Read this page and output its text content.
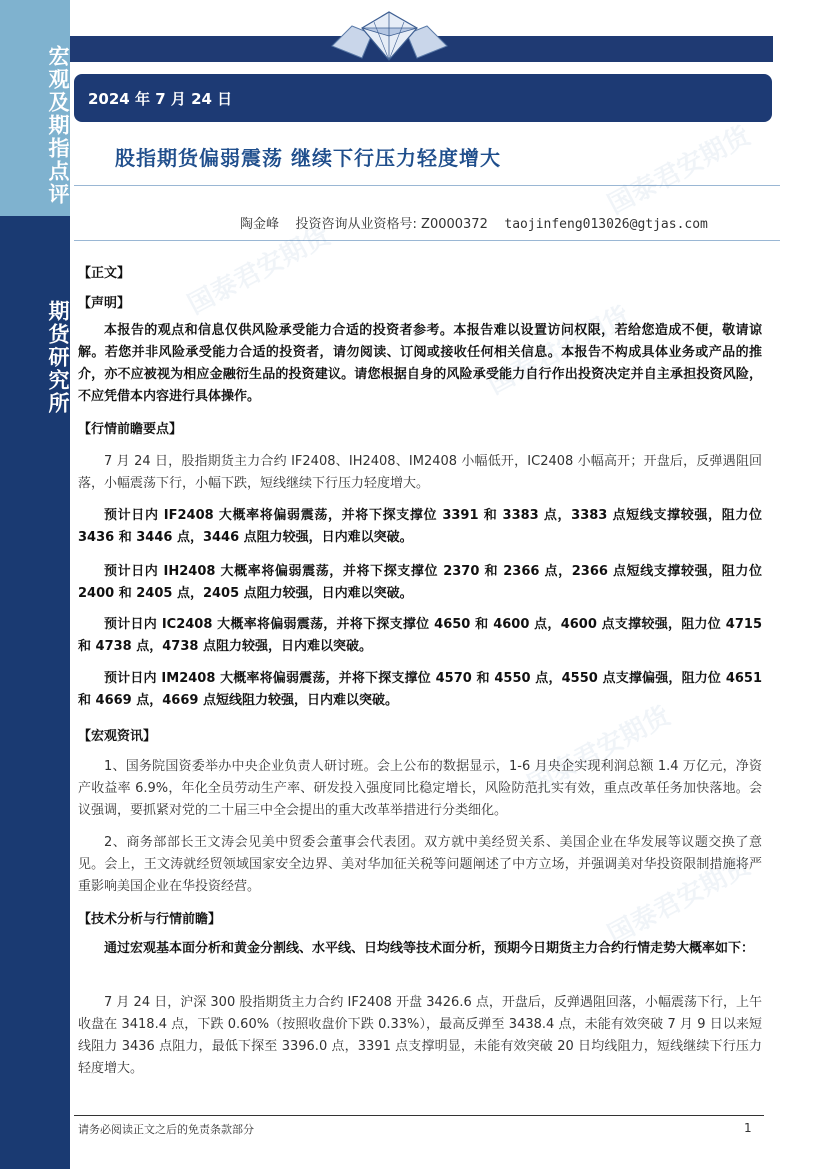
宏观及期指点评
期货研究所
2024 年 7 月 24 日
股指期货偏弱震荡 继续下行压力轻度增大
陶金峰    投资咨询从业资格号: Z0000372 taojinfeng013026@gtjas.com
国泰君安期货
国泰君安期货
国泰君安期货
国泰君安期货
国泰君安期货
【正文】
【声明】
本报告的观点和信息仅供风险承受能力合适的投资者参考。本报告难以设置访问权限，若给您造成不便，敬请谅解。若您并非风险承受能力合适的投资者，请勿阅读、订阅或接收任何相关信息。本报告不构成具体业务或产品的推介，亦不应被视为相应金融衍生品的投资建议。请您根据自身的风险承受能力自行作出投资决定并自主承担投资风险，不应凭借本内容进行具体操作。
【行情前瞻要点】
7 月 24 日，股指期货主力合约 IF2408、IH2408、IM2408 小幅低开，IC2408 小幅高开；开盘后，反弹遇阻回落，小幅震荡下行，小幅下跌，短线继续下行压力轻度增大。
预计日内 IF2408 大概率将偏弱震荡，并将下探支撑位 3391 和 3383 点，3383 点短线支撑较强，阻力位 3436 和 3446 点，3446 点阻力较强，日内难以突破。
预计日内 IH2408 大概率将偏弱震荡，并将下探支撑位 2370 和 2366 点，2366 点短线支撑较强，阻力位 2400 和 2405 点，2405 点阻力较强，日内难以突破。
预计日内 IC2408 大概率将偏弱震荡，并将下探支撑位 4650 和 4600 点，4600 点支撑较强，阻力位 4715 和 4738 点，4738 点阻力较强，日内难以突破。
预计日内 IM2408 大概率将偏弱震荡，并将下探支撑位 4570 和 4550 点，4550 点支撑偏强，阻力位 4651 和 4669 点，4669 点短线阻力较强，日内难以突破。
【宏观资讯】
1、国务院国资委举办中央企业负责人研讨班。会上公布的数据显示，1-6 月央企实现利润总额 1.4 万亿元，净资产收益率 6.9%，年化全员劳动生产率、研发投入强度同比稳定增长，风险防范扎实有效，重点改革任务加快落地。会议强调，要抓紧对党的二十届三中全会提出的重大改革举措进行分类细化。
2、商务部部长王文涛会见美中贸委会董事会代表团。双方就中美经贸关系、美国企业在华发展等议题交换了意见。会上，王文涛就经贸领域国家安全边界、美对华加征关税等问题阐述了中方立场，并强调美对华投资限制措施将严重影响美国企业在华投资经营。
【技术分析与行情前瞻】
通过宏观基本面分析和黄金分割线、水平线、日均线等技术面分析，预期今日期货主力合约行情走势大概率如下：
7 月 24 日，沪深 300 股指期货主力合约 IF2408 开盘 3426.6 点，开盘后，反弹遇阻回落，小幅震荡下行，上午收盘在 3418.4 点，下跌 0.60%（按照收盘价下跌 0.33%），最高反弹至 3438.4 点，未能有效突破 7 月 9 日以来短线阻力 3436 点阻力，最低下探至 3396.0 点，3391 点支撑明显，未能有效突破 20 日均线阻力，短线继续下行压力轻度增大。
请务必阅读正文之后的免责条款部分	1
